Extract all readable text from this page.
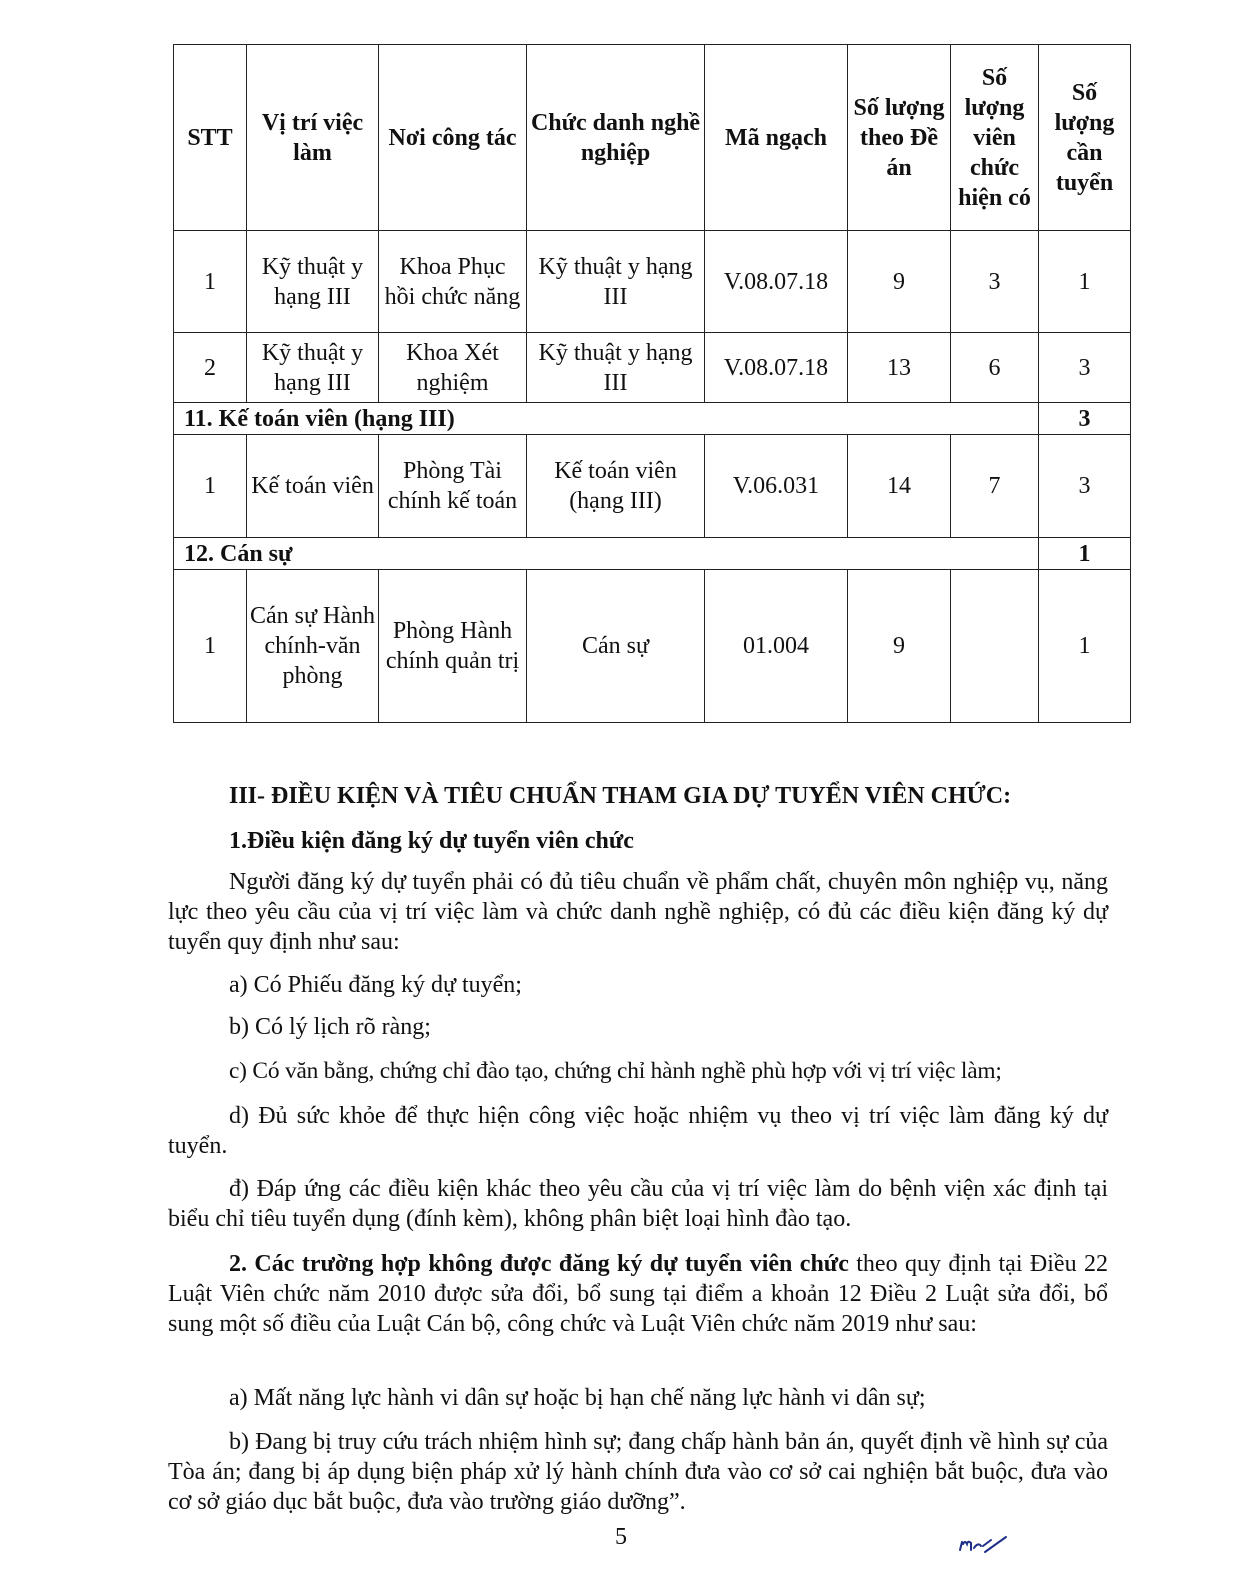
STT	Vị trí việc làm	Nơi công tác	Chức danh nghề nghiệp	Mã ngạch	Số lượng theo Đề án	Số lượng viên chức hiện có	Số lượng cần tuyển
1	Kỹ thuật y hạng III	Khoa Phục hồi chức năng	Kỹ thuật y hạng III	V.08.07.18	9	3	1
2	Kỹ thuật y hạng III	Khoa Xét nghiệm	Kỹ thuật y hạng III	V.08.07.18	13	6	3
11. Kế toán viên (hạng III)							3
1	Kế toán viên	Phòng Tài chính kế toán	Kế toán viên (hạng III)	V.06.031	14	7	3
12. Cán sự							1
1	Cán sự Hành chính-văn phòng	Phòng Hành chính quản trị	Cán sự	01.004	9		1
III- ĐIỀU KIỆN VÀ TIÊU CHUẨN THAM GIA DỰ TUYỂN VIÊN CHỨC:
1.Điều kiện đăng ký dự tuyển viên chức
Người đăng ký dự tuyển phải có đủ tiêu chuẩn về phẩm chất, chuyên môn nghiệp vụ, năng lực theo yêu cầu của vị trí việc làm và chức danh nghề nghiệp, có đủ các điều kiện đăng ký dự tuyển quy định như sau:
a) Có Phiếu đăng ký dự tuyển;
b) Có lý lịch rõ ràng;
c) Có văn bằng, chứng chỉ đào tạo, chứng chỉ hành nghề phù hợp với vị trí việc làm;
d) Đủ sức khỏe để thực hiện công việc hoặc nhiệm vụ theo vị trí việc làm đăng ký dự tuyển.
đ) Đáp ứng các điều kiện khác theo yêu cầu của vị trí việc làm do bệnh viện xác định tại biểu chỉ tiêu tuyển dụng (đính kèm), không phân biệt loại hình đào tạo.
2. Các trường hợp không được đăng ký dự tuyển viên chức theo quy định tại Điều 22 Luật Viên chức năm 2010 được sửa đổi, bổ sung tại điểm a khoản 12 Điều 2 Luật sửa đổi, bổ sung một số điều của Luật Cán bộ, công chức và Luật Viên chức năm 2019 như sau:
a) Mất năng lực hành vi dân sự hoặc bị hạn chế năng lực hành vi dân sự;
b) Đang bị truy cứu trách nhiệm hình sự; đang chấp hành bản án, quyết định về hình sự của Tòa án; đang bị áp dụng biện pháp xử lý hành chính đưa vào cơ sở cai nghiện bắt buộc, đưa vào cơ sở giáo dục bắt buộc, đưa vào trường giáo dưỡng”.
5
